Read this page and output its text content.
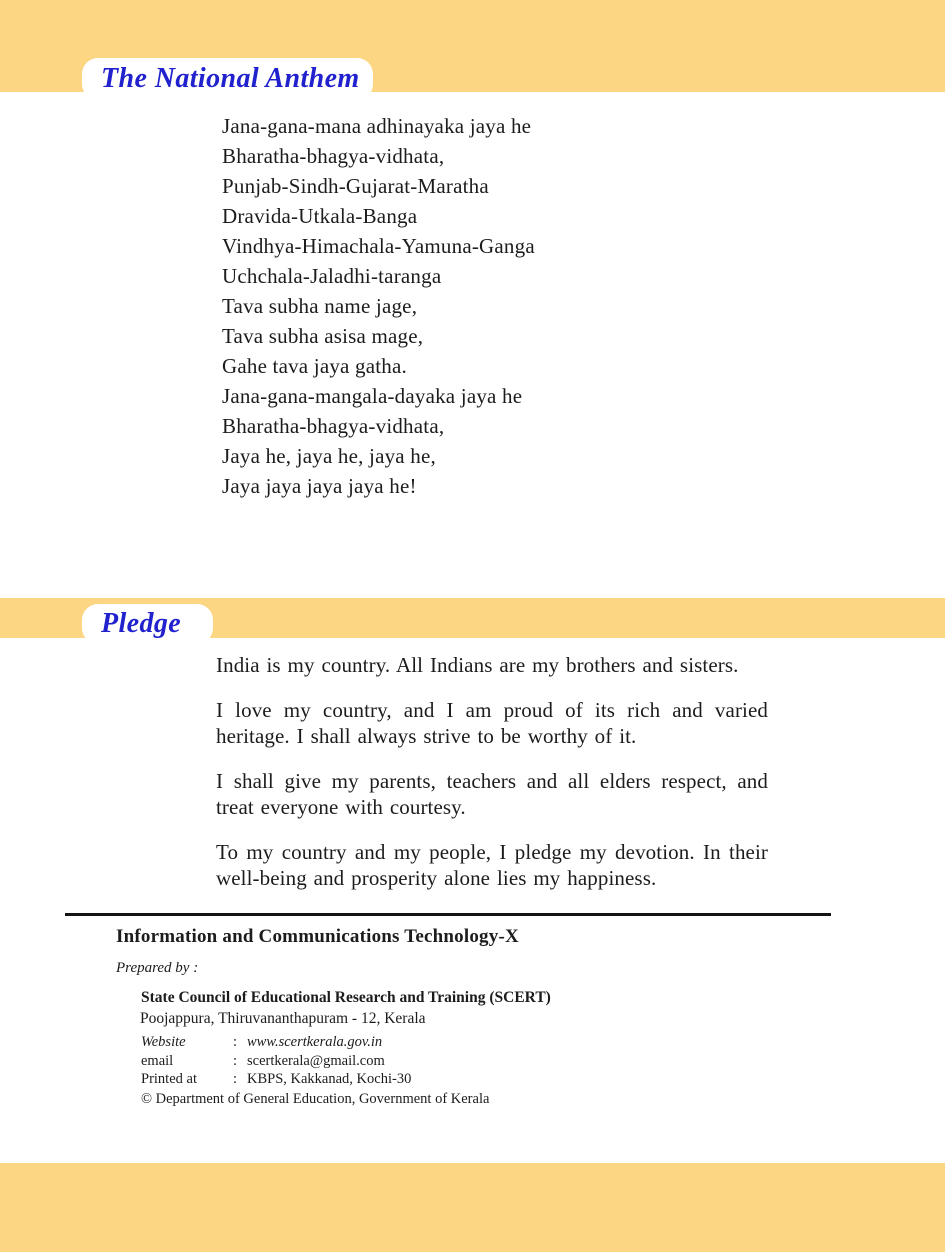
The National Anthem
Jana-gana-mana adhinayaka jaya he
Bharatha-bhagya-vidhata,
Punjab-Sindh-Gujarat-Maratha
Dravida-Utkala-Banga
Vindhya-Himachala-Yamuna-Ganga
Uchchala-Jaladhi-taranga
Tava subha name jage,
Tava subha asisa mage,
Gahe tava jaya gatha.
Jana-gana-mangala-dayaka jaya he
Bharatha-bhagya-vidhata,
Jaya he, jaya he, jaya he,
Jaya jaya jaya jaya he!
Pledge

India is my country. All Indians are my brothers and sisters.

I love my country, and I am proud of its rich and varied heritage. I shall always strive to be worthy of it.

I shall give my parents, teachers and all elders respect, and treat everyone with courtesy.

To my country and my people, I pledge my devotion. In their well-being and prosperity alone lies my happiness.

Information and Communications Technology-X
Prepared by :
State Council of Educational Research and Training (SCERT)
Poojappura, Thiruvananthapuram - 12, Kerala
Website	: www.scertkerala.gov.in
email	: scertkerala@gmail.com
Printed at	: KBPS, Kakkanad, Kochi-30
© Department of General Education, Government of Kerala
